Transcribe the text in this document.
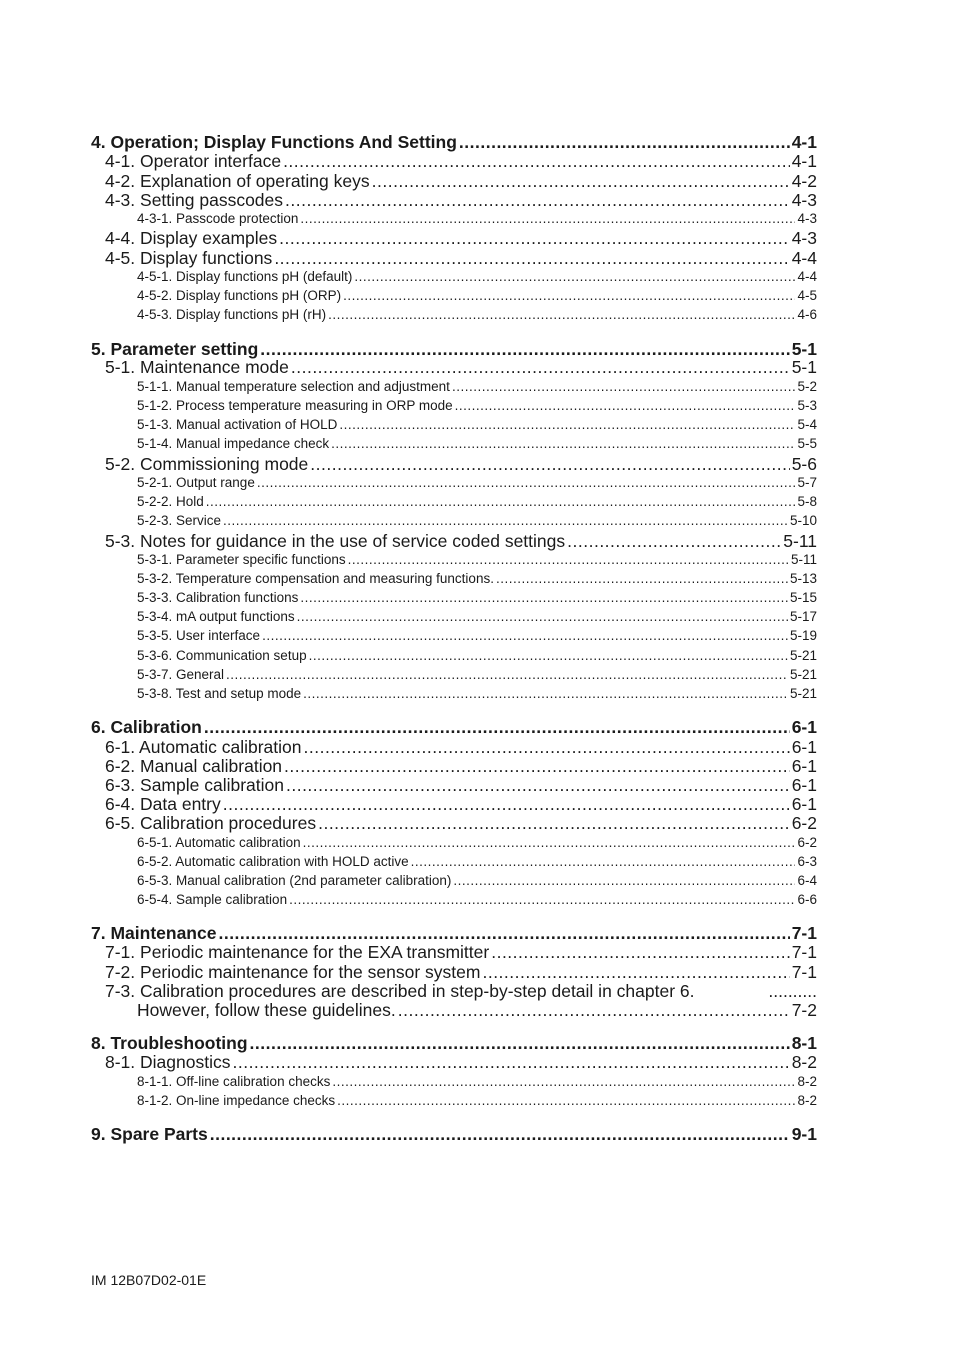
4. Operation; Display Functions And Setting .....	4-1
4-1. Operator interface .....	4-1
4-2. Explanation of operating keys .....	4-2
4-3. Setting passcodes .....	4-3
4-3-1. Passcode protection .....	4-3
4-4. Display examples .....	4-3
4-5. Display functions .....	4-4
4-5-1. Display functions pH (default) .....	4-4
4-5-2. Display functions pH (ORP) .....	4-5
4-5-3. Display functions pH (rH) .....	4-6
5. Parameter setting .....	5-1
5-1. Maintenance mode .....	5-1
5-1-1. Manual temperature selection and adjustment .....	5-2
5-1-2. Process temperature measuring in ORP mode .....	5-3
5-1-3. Manual activation of HOLD .....	5-4
5-1-4. Manual impedance check .....	5-5
5-2. Commissioning mode .....	5-6
5-2-1. Output range .....	5-7
5-2-2. Hold .....	5-8
5-2-3. Service .....	5-10
5-3. Notes for guidance in the use of service coded settings .....	5-11
5-3-1. Parameter specific functions .....	5-11
5-3-2. Temperature compensation and measuring functions. .....	5-13
5-3-3. Calibration functions .....	5-15
5-3-4. mA output functions .....	5-17
5-3-5. User interface .....	5-19
5-3-6. Communication setup .....	5-21
5-3-7. General .....	5-21
5-3-8. Test and setup mode .....	5-21
6. Calibration .....	6-1
6-1. Automatic calibration .....	6-1
6-2. Manual calibration .....	6-1
6-3. Sample calibration .....	6-1
6-4. Data entry .....	6-1
6-5. Calibration procedures .....	6-2
6-5-1. Automatic calibration .....	6-2
6-5-2. Automatic calibration with HOLD active .....	6-3
6-5-3. Manual calibration (2nd parameter calibration) .....	6-4
6-5-4. Sample calibration .....	6-6
7. Maintenance .....	7-1
7-1. Periodic maintenance for the EXA transmitter .....	7-1
7-2. Periodic maintenance for the sensor system .....	7-1
7-3. Calibration procedures are described in step-by-step detail in chapter 6.	..........
However, follow these guidelines. .....	7-2
8. Troubleshooting .....	8-1
8-1. Diagnostics .....	8-2
8-1-1. Off-line calibration checks .....	8-2
8-1-2. On-line impedance checks .....	8-2
9. Spare Parts .....	9-1
IM 12B07D02-01E
